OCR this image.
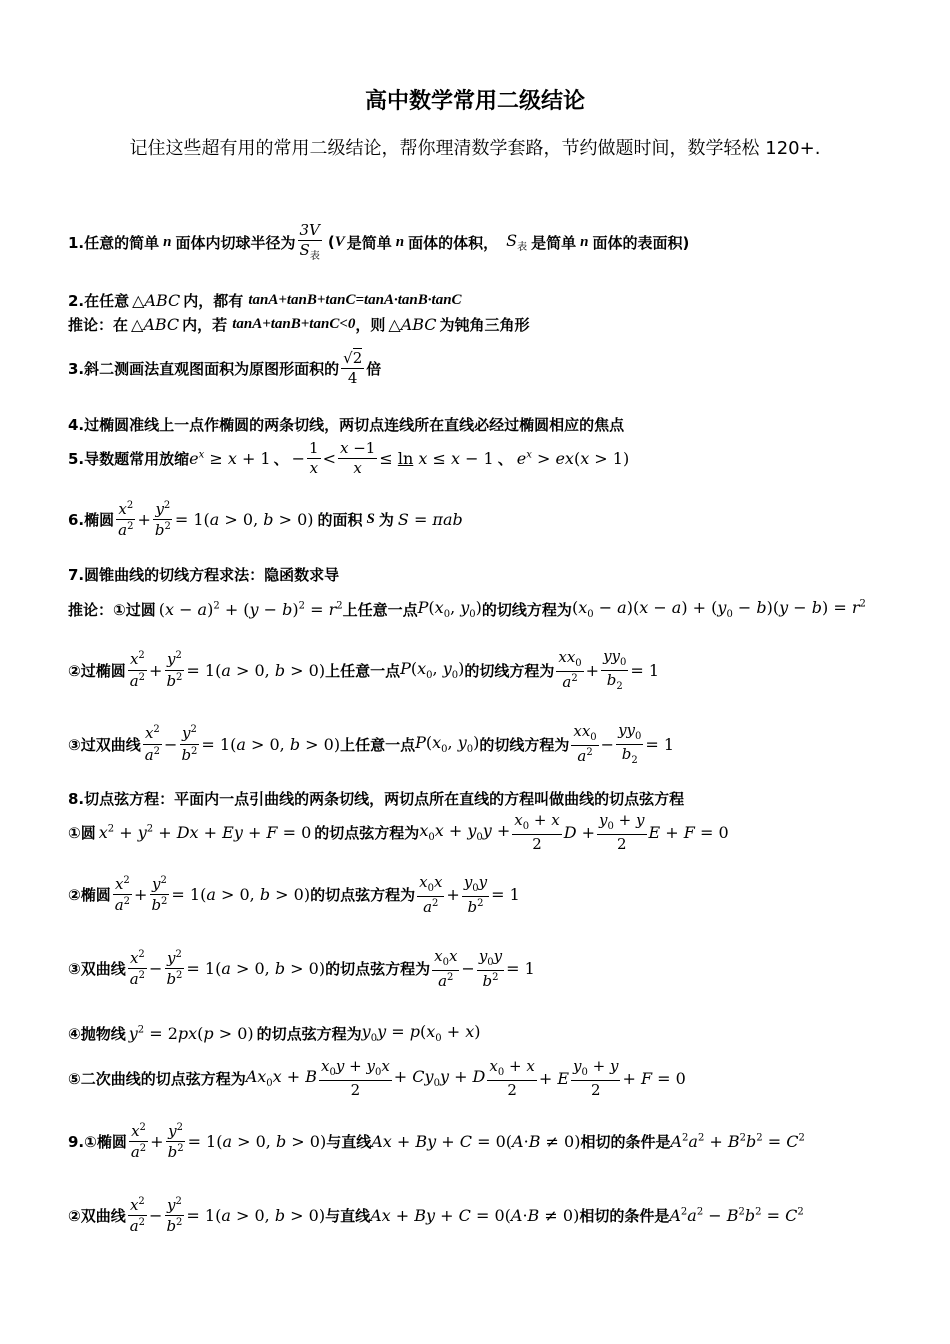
高中数学常用二级结论
记住这些超有用的常用二级结论，帮你理清数学套路，节约做题时间，数学轻松 120+.
1.任意的简单 n 面体内切球半径为 $\frac{3V}{S_表}$ ( V 是简单 n 面体的体积， $S_表$ 是简单 n 面体的表面积)
2.在任意 △ABC 内，都有 tanA+tanB+tanC=tanA·tanB·tanC
推论：在 △ABC 内，若 tanA+tanB+tanC<0 ，则 △ABC 为钝角三角形
3.斜二测画法直观图面积为原图形面积的 $\frac{√2}{4}$ 倍
4.过椭圆准线上一点作椭圆的两条切线，两切点连线所在直线必经过椭圆相应的焦点
5.导数题常用放缩 $e^x \ge x + 1$ 、 − $\frac{1}{x} < \frac{x -1}{x} \le \ln x \le x - 1$ 、 $e^x > ex(x > 1)$
6.椭圆 $\frac{x^2}{a^2} + \frac{y^2}{b^2} = 1(a > 0$, b > 0) 的面积 S 为 S = πab
7.圆锥曲线的切线方程求法：隐函数求导
推论：①过圆 $(x - a)^2 + (y - b)^2 = r^2$ 上任意一点 $P(x_0$, $y_0$) 的切线方程为 $(x_0 - a)(x - a) + (y_0 - b)(y - b) = r^2$
②过椭圆 $\frac{x^2}{a^2} + \frac{y^2}{b^2} = 1(a > 0$, b > 0) 上任意一点 $P(x_0$, $y_0$) 的切线方程为 $\frac{xx_0}{a^2} + \frac{yy_0}{b_2} = 1$
③过双曲线 $\frac{x^2}{a^2} - \frac{y^2}{b^2} = 1(a > 0$, b > 0) 上任意一点 $P(x_0$, $y_0$) 的切线方程为 $\frac{xx_0}{a^2} - \frac{yy_0}{b_2} = 1$
8.切点弦方程：平面内一点引曲线的两条切线，两切点所在直线的方程叫做曲线的切点弦方程
①圆 $x^2 + y^2 + Dx + Ey + F = 0$ 的切点弦方程为 $x_0x + y_0y + \frac{x_0 + x}{2}$ $D + \frac{y_0 + y}{2}$ E + F = 0
②椭圆 $\frac{x^2}{a^2} + \frac{y^2}{b^2} = 1(a > 0$, b > 0) 的切点弦方程为 $\frac{x_0x}{a^2} + \frac{y_0y}{b^2} = 1$
③双曲线 $\frac{x^2}{a^2} - \frac{y^2}{b^2} = 1(a > 0$, b > 0) 的切点弦方程为 $\frac{x_0x}{a^2} - \frac{y_0y}{b^2} = 1$
④抛物线 $y^2 = 2px(p > 0)$ 的切点弦方程为 $y_0y = p(x_0 + x)$
⑤二次曲线的切点弦方程为 $Ax_0x + B \frac{x_0y + y_0x}{2} + Cy_0y + D \frac{x_0 + x}{2} + E \frac{y_0 + y}{2} + F = 0$
9.①椭圆 $\frac{x^2}{a^2} + \frac{y^2}{b^2} = 1(a > 0$, b > 0) 与直线 Ax + By + C = 0(A·B ≠ 0) 相切的条件是 $A^2a^2 + B^2b^2 = C^2$
②双曲线 $\frac{x^2}{a^2} - \frac{y^2}{b^2} = 1(a > 0$, b > 0) 与直线 Ax + By + C = 0(A·B ≠ 0) 相切的条件是 $A^2a^2 - B^2b^2 = C^2$
